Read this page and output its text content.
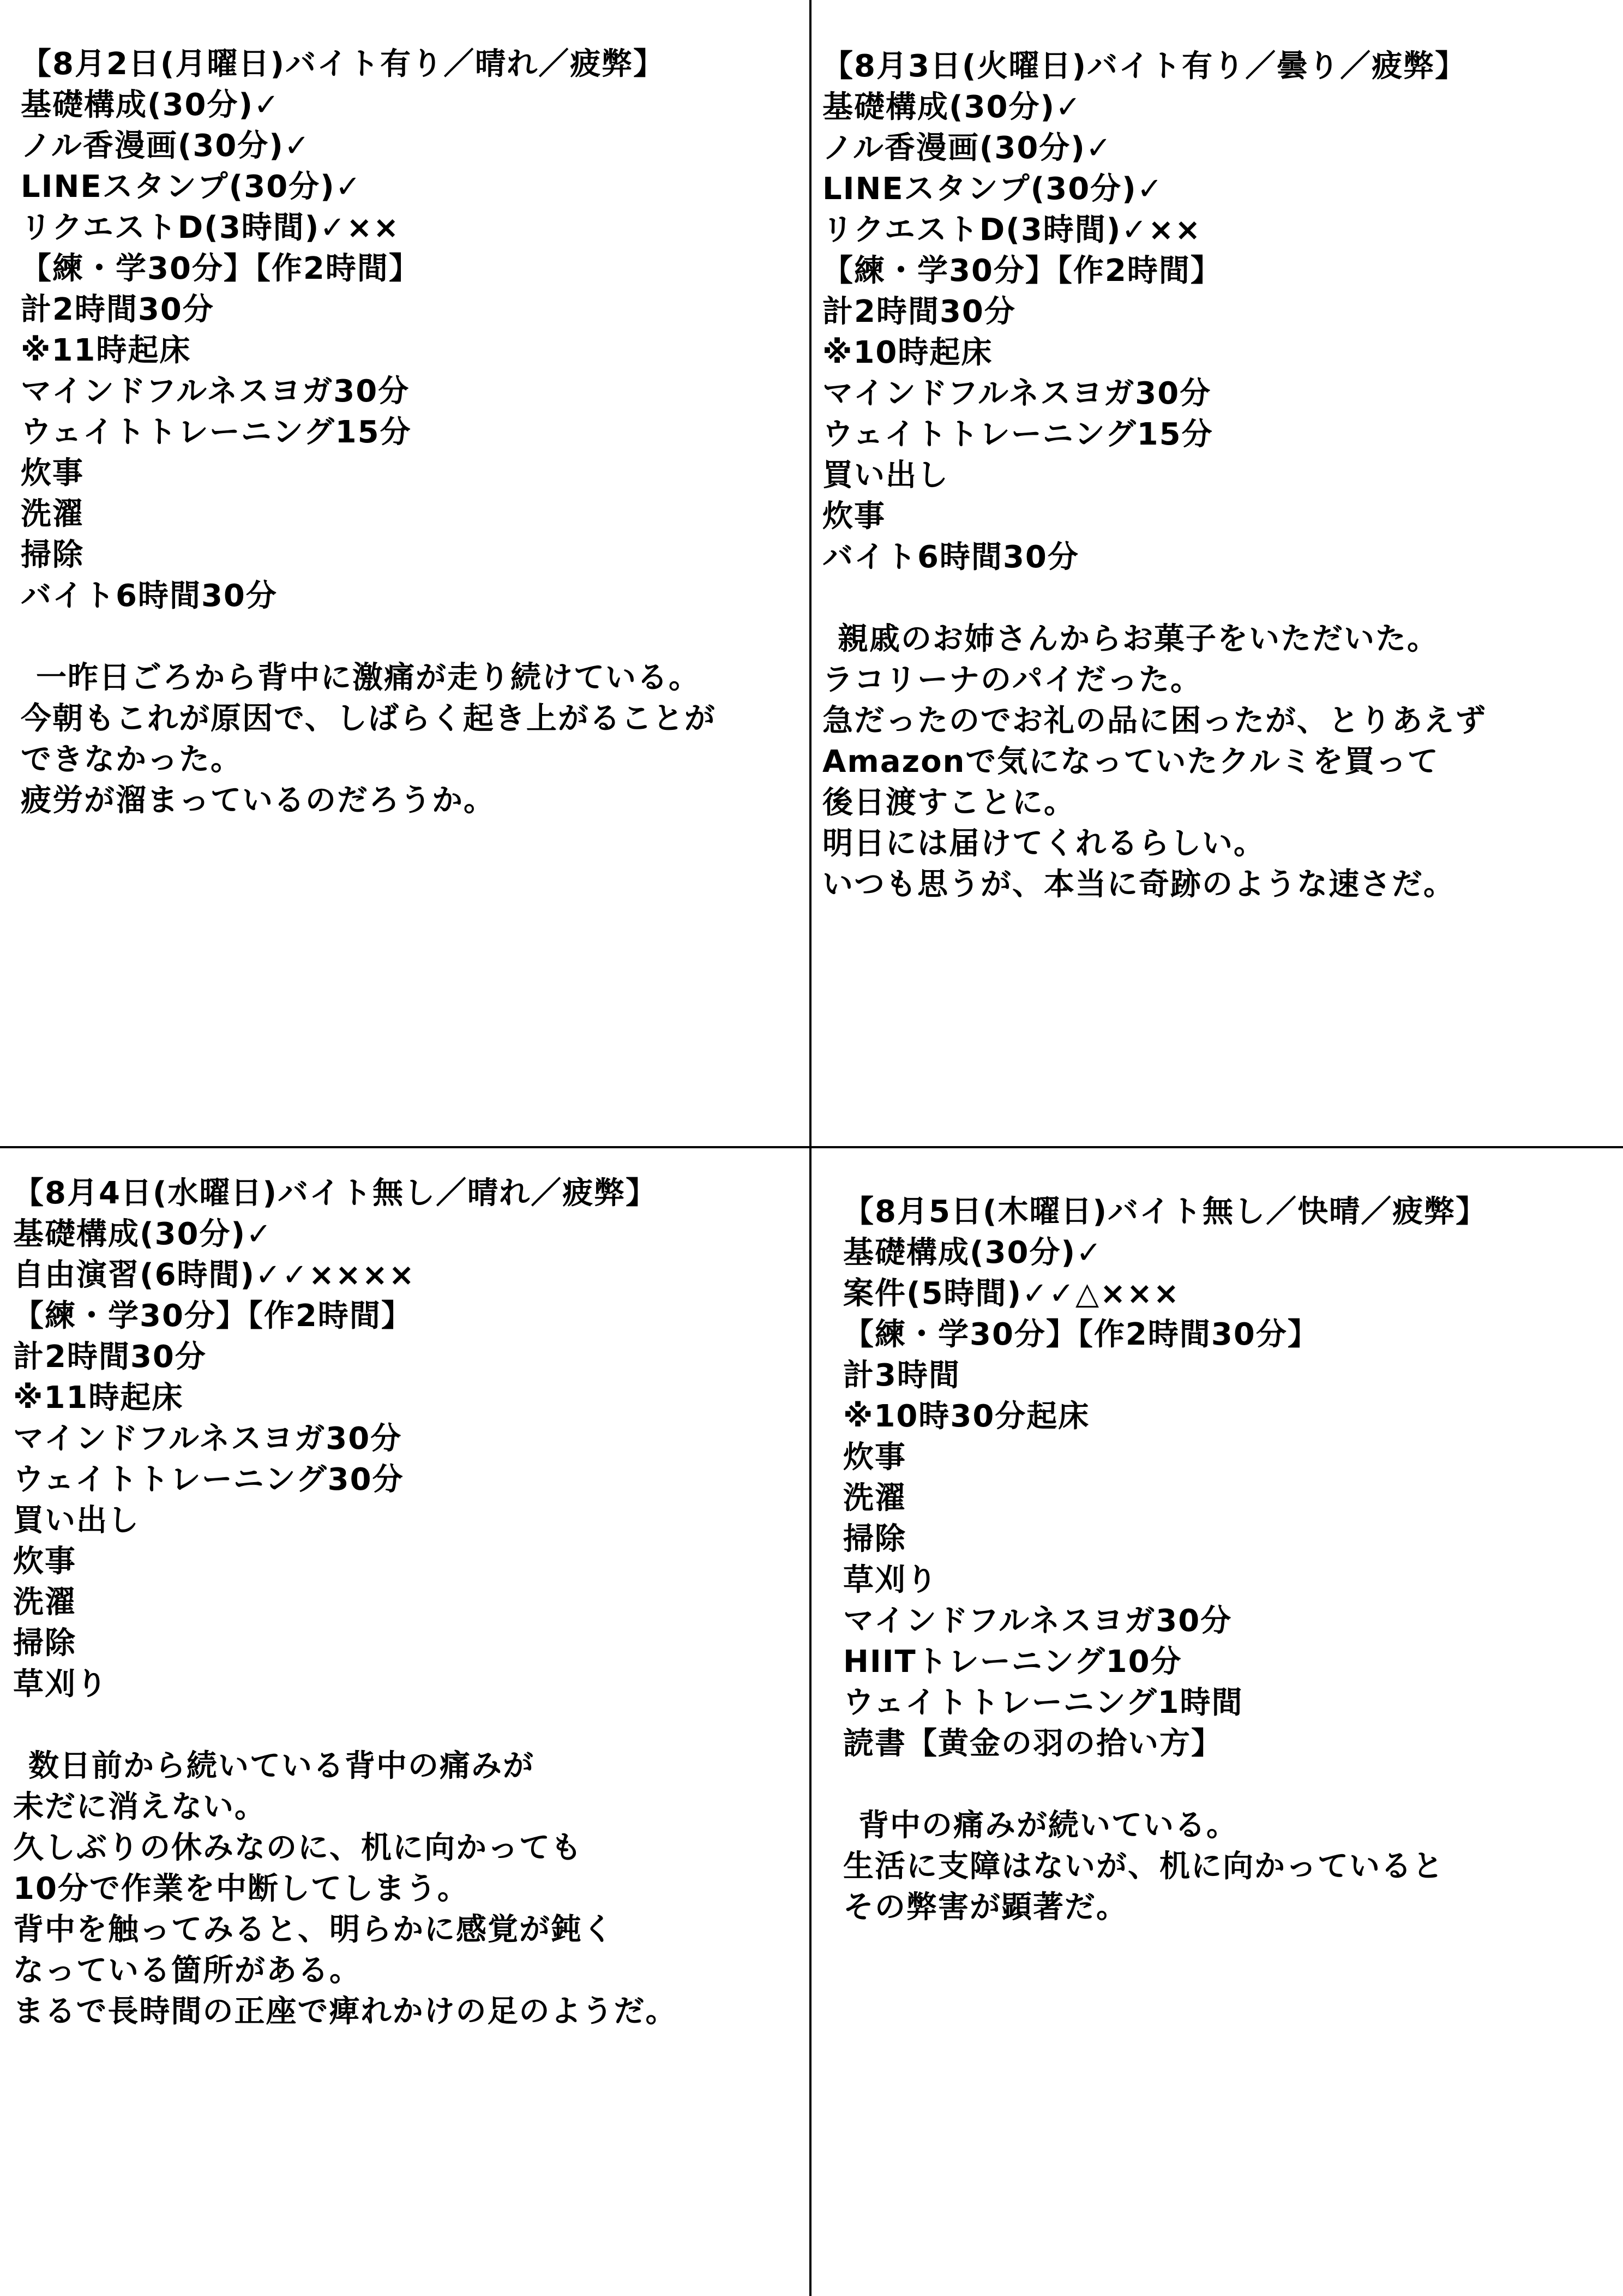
【8月2日(月曜日)バイト有り／晴れ／疲弊】
基礎構成(30分)✓
ノル香漫画(30分)✓
LINEスタンプ(30分)✓
リクエストD(3時間)✓××
【練・学30分】【作2時間】
計2時間30分
※11時起床
マインドフルネスヨガ30分
ウェイトトレーニング15分
炊事
洗濯
掃除
バイト6時間30分
一昨日ごろから背中に激痛が走り続けている。
今朝もこれが原因で、しばらく起き上がることが
できなかった。
疲労が溜まっているのだろうか。
【8月3日(火曜日)バイト有り／曇り／疲弊】
基礎構成(30分)✓
ノル香漫画(30分)✓
LINEスタンプ(30分)✓
リクエストD(3時間)✓××
【練・学30分】【作2時間】
計2時間30分
※10時起床
マインドフルネスヨガ30分
ウェイトトレーニング15分
買い出し
炊事
バイト6時間30分
親戚のお姉さんからお菓子をいただいた。
ラコリーナのパイだった。
急だったのでお礼の品に困ったが、とりあえず
Amazonで気になっていたクルミを買って
後日渡すことに。
明日には届けてくれるらしい。
いつも思うが、本当に奇跡のような速さだ。
【8月4日(水曜日)バイト無し／晴れ／疲弊】
基礎構成(30分)✓
自由演習(6時間)✓✓××××
【練・学30分】【作2時間】
計2時間30分
※11時起床
マインドフルネスヨガ30分
ウェイトトレーニング30分
買い出し
炊事
洗濯
掃除
草刈り
数日前から続いている背中の痛みが
未だに消えない。
久しぶりの休みなのに、机に向かっても
10分で作業を中断してしまう。
背中を触ってみると、明らかに感覚が鈍く
なっている箇所がある。
まるで長時間の正座で痺れかけの足のようだ。
【8月5日(木曜日)バイト無し／快晴／疲弊】
基礎構成(30分)✓
案件(5時間)✓✓△×××
【練・学30分】【作2時間30分】
計3時間
※10時30分起床
炊事
洗濯
掃除
草刈り
マインドフルネスヨガ30分
HIITトレーニング10分
ウェイトトレーニング1時間
読書【黄金の羽の拾い方】
背中の痛みが続いている。
生活に支障はないが、机に向かっていると
その弊害が顕著だ。
